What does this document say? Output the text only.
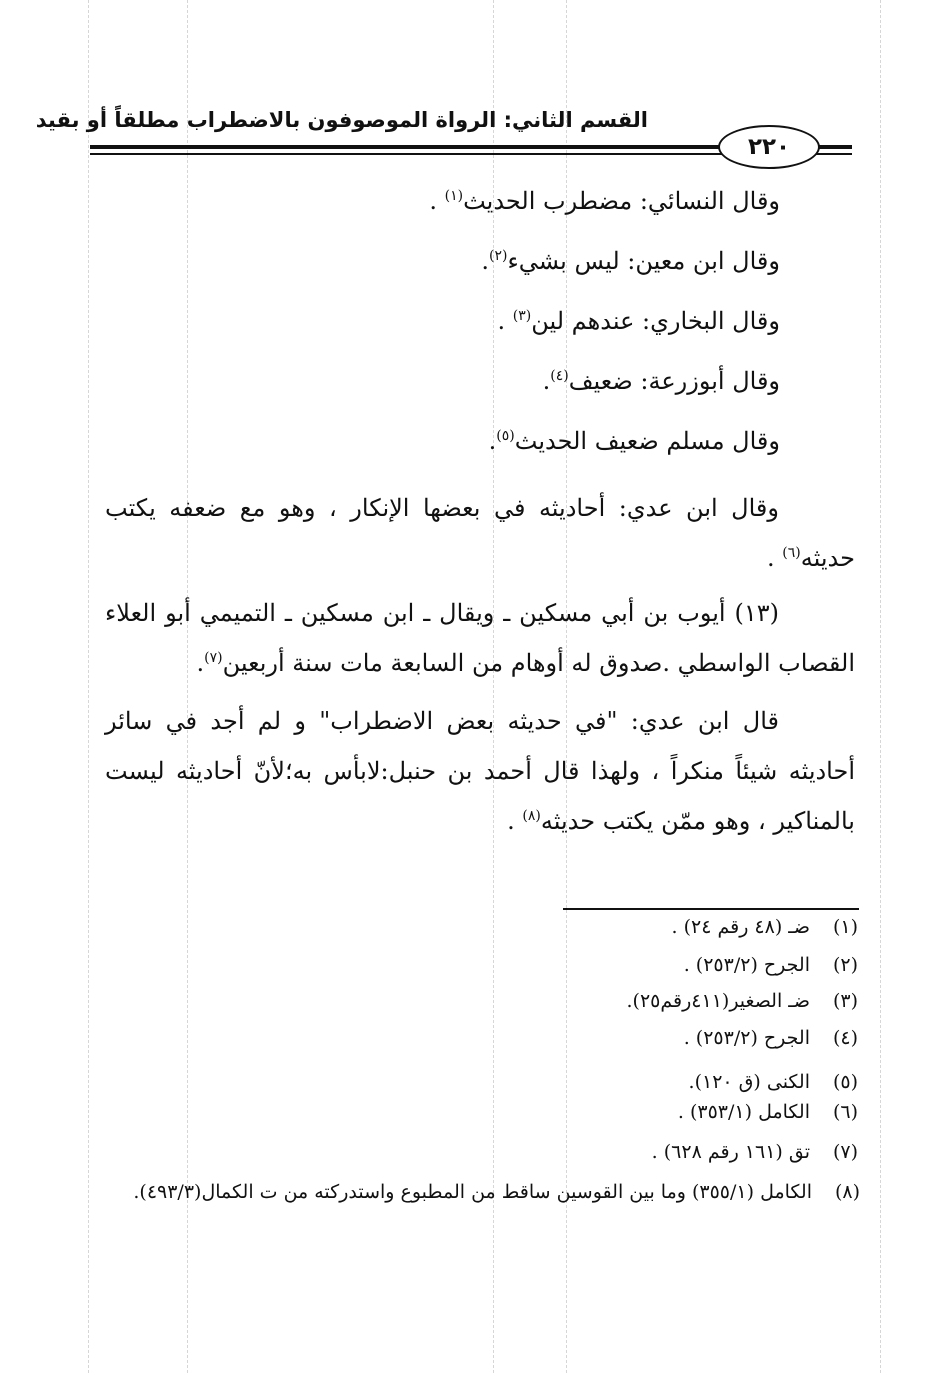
القسم الثاني: الرواة الموصوفون بالاضطراب مطلقاً أو بقيد
٢٢٠
وقال النسائي: مضطرب الحديث$^{(١)}$ .
وقال ابن معين: ليس بشيء$^{(٢)}$.
وقال البخاري: عندهم لين$^{(٣)}$ .
وقال أبوزرعة: ضعيف$^{(٤)}$.
وقال مسلم ضعيف الحديث$^{(٥)}$.
وقال ابن عدي: أحاديثه في بعضها الإنكار ، وهو مع ضعفه يكتب حديثه$^{(٦)}$ .
(١٣) أيوب بن أبي مسكين ـ ويقال ـ ابن مسكين ـ التميمي أبو العلاء القصاب الواسطي .صدوق له أوهام من السابعة مات سنة أربعين$^{(٧)}$.
قال ابن عدي: "في حديثه بعض الاضطراب" و لم أجد في سائر أحاديثه شيئاً منكراً ، ولهذا قال أحمد بن حنبل:لابأس به؛لأنّ أحاديثه ليست بالمناكير ، وهو ممّن يكتب حديثه$^{(٨)}$ .
(١)ضـ (٤٨ رقم ٢٤) .
(٢)الجرح (٢٥٣/٢) .
(٣)ضـ الصغير(٤١١رقم٢٥).
(٤)الجرح (٢٥٣/٢) .
(٥)الكنى (ق ١٢٠).
(٦)الكامل (٣٥٣/١) .
(٧)تق (١٦١ رقم ٦٢٨) .
(٨)الكامل (٣٥٥/١) وما بين القوسين ساقط من المطبوع واستدركته من ت الكمال(٤٩٣/٣).
